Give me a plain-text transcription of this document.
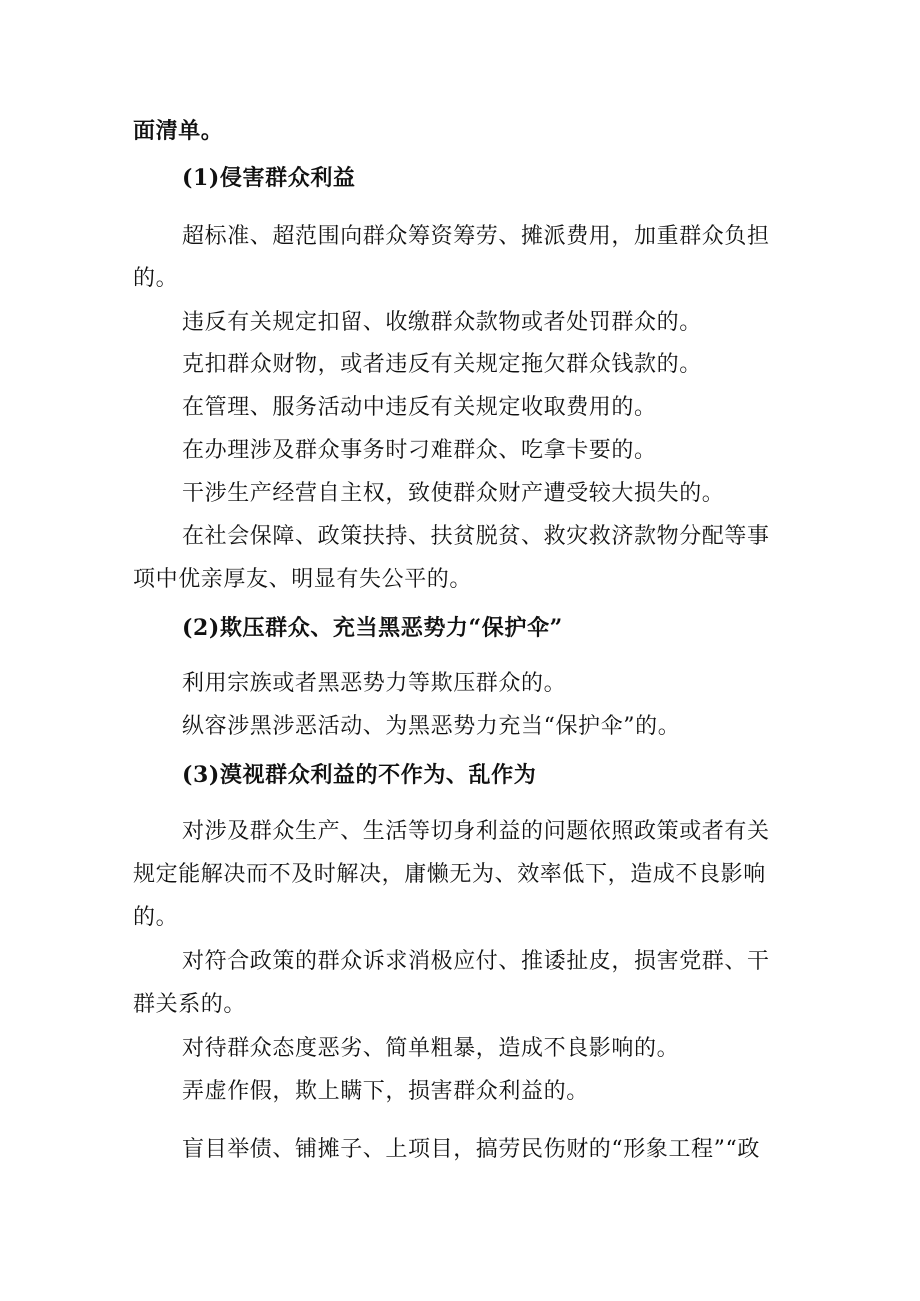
面清单。
(1)侵害群众利益
超标准、超范围向群众筹资筹劳、摊派费用，加重群众负担
的。
违反有关规定扣留、收缴群众款物或者处罚群众的。
克扣群众财物，或者违反有关规定拖欠群众钱款的。
在管理、服务活动中违反有关规定收取费用的。
在办理涉及群众事务时刁难群众、吃拿卡要的。
干涉生产经营自主权，致使群众财产遭受较大损失的。
在社会保障、政策扶持、扶贫脱贫、救灾救济款物分配等事
项中优亲厚友、明显有失公平的。
(2)欺压群众、充当黑恶势力“保护伞”
利用宗族或者黑恶势力等欺压群众的。
纵容涉黑涉恶活动、为黑恶势力充当“保护伞”的。
(3)漠视群众利益的不作为、乱作为
对涉及群众生产、生活等切身利益的问题依照政策或者有关
规定能解决而不及时解决，庸懒无为、效率低下，造成不良影响
的。
对符合政策的群众诉求消极应付、推诿扯皮，损害党群、干
群关系的。
对待群众态度恶劣、简单粗暴，造成不良影响的。
弄虚作假，欺上瞒下，损害群众利益的。
盲目举债、铺摊子、上项目，搞劳民伤财的“形象工程”“政
